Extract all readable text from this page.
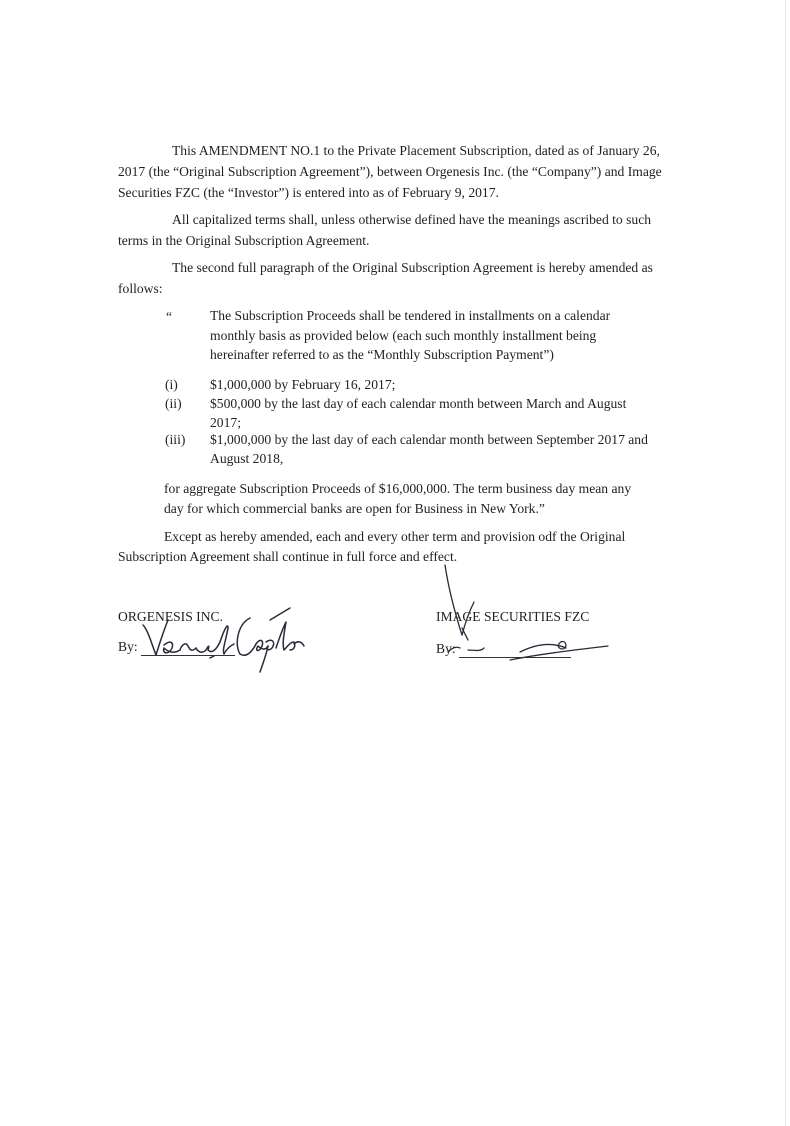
This AMENDMENT NO.1 to the Private Placement Subscription, dated as of January 26, 2017 (the “Original Subscription Agreement”), between Orgenesis Inc. (the “Company”) and Image Securities FZC (the “Investor”) is entered into as of February 9, 2017.

All capitalized terms shall, unless otherwise defined have the meanings ascribed to such terms in the Original Subscription Agreement.

The second full paragraph of the Original Subscription Agreement is hereby amended as follows:

“	The Subscription Proceeds shall be tendered in installments on a calendar monthly basis as provided below (each such monthly installment being hereinafter referred to as the “Monthly Subscription Payment”)

(i)	$1,000,000 by February 16, 2017;
(ii)	$500,000 by the last day of each calendar month between March and August 2017;
(iii)	$1,000,000 by the last day of each calendar month between September 2017 and August 2018,

for aggregate Subscription Proceeds of $16,000,000. The term business day mean any day for which commercial banks are open for Business in New York.”

Except as hereby amended, each and every other term and provision odf the Original Subscription Agreement shall continue in full force and effect.

ORGENESIS INC.
By:
IMAGE SECURITIES FZC
By:
